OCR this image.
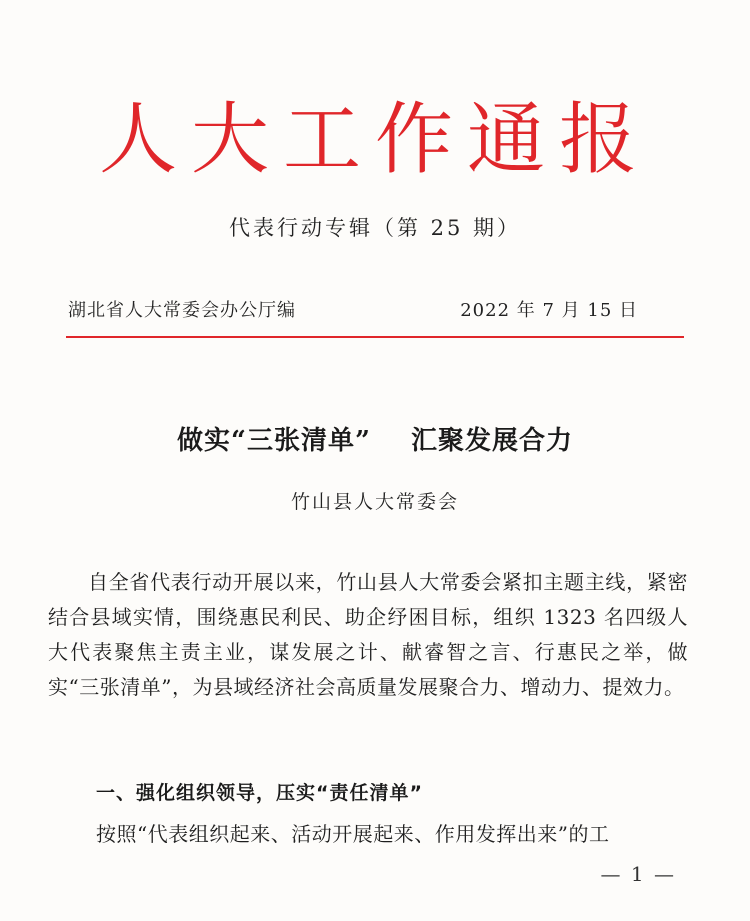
人大工作通报
代表行动专辑（第 25 期）
湖北省人大常委会办公厅编	2022 年 7 月 15 日
做实“三张清单” 汇聚发展合力
竹山县人大常委会

自全省代表行动开展以来，竹山县人大常委会紧扣主题主线，紧密结合县域实情，围绕惠民利民、助企纾困目标，组织 1323 名四级人大代表聚焦主责主业，谋发展之计、献睿智之言、行惠民之举，做实“三张清单”，为县域经济社会高质量发展聚合力、增动力、提效力。

一、强化组织领导，压实“责任清单”
按照“代表组织起来、活动开展起来、作用发挥出来”的工
— 1 —
